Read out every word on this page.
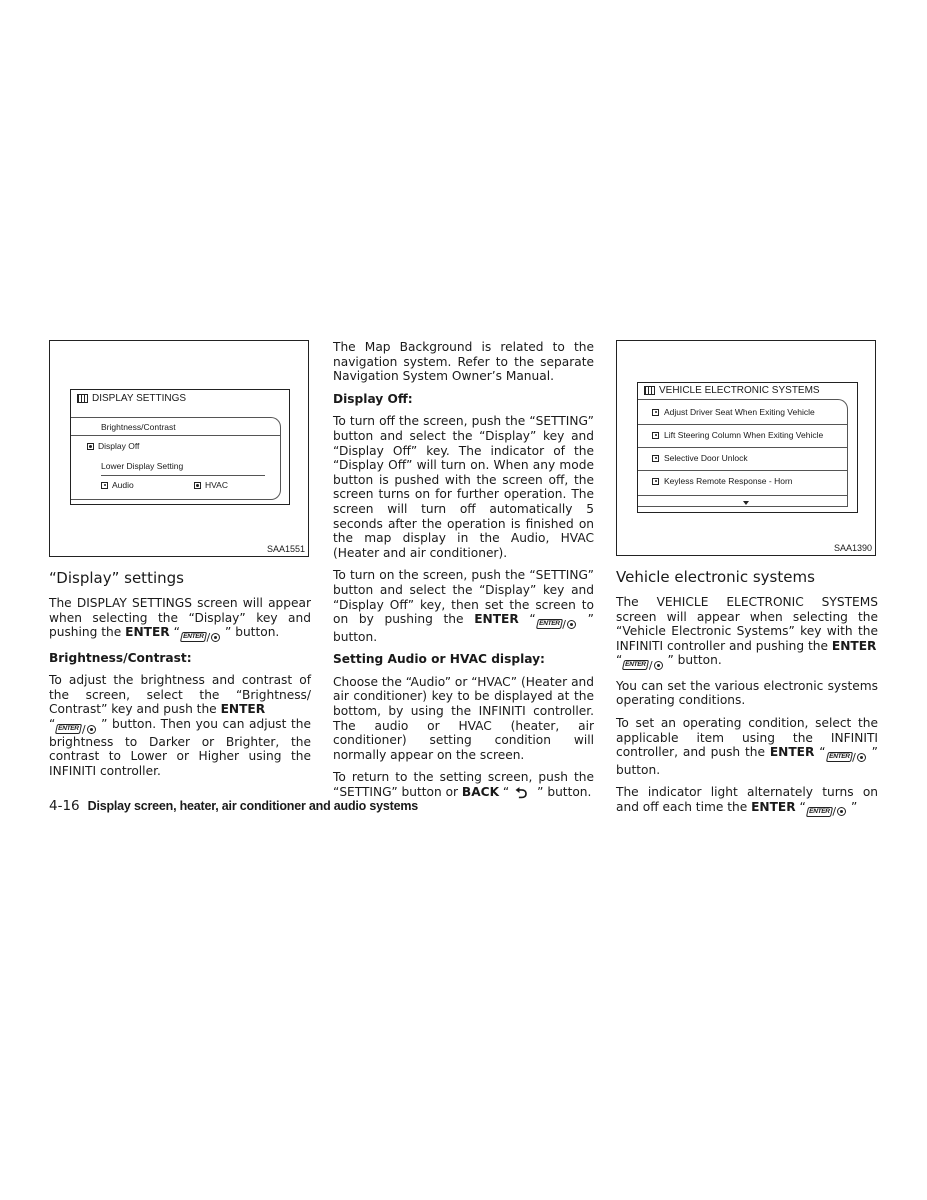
DISPLAY SETTINGS
Brightness/Contrast
Display Off
Lower Display Setting
Audio	HVAC
SAA1551
“Display” settings

The DISPLAY SETTINGS screen will appear when selecting the “Display” key and pushing the ENTER “ ENTER / ” button.

Brightness/Contrast:

To adjust the brightness and contrast of the screen, select the “Brightness/ Contrast” key and push the ENTER
“ ENTER / ” button. Then you can adjust the brightness to Darker or Brighter, the contrast to Lower or Higher using the INFINITI controller.

The Map Background is related to the navigation system. Refer to the separate Navigation System Owner’s Manual.

Display Off:

To turn off the screen, push the “SETTING” button and select the “Display” key and “Display Off” key. The indicator of the “Display Off” will turn on. When any mode button is pushed with the screen off, the screen turns on for further operation. The screen will turn off automatically 5 seconds after the operation is finished on the map display in the Audio, HVAC (Heater and air conditioner).

To turn on the screen, push the “SETTING” button and select the “Display” key and “Display Off” key, then set the screen to on by pushing the ENTER “ ENTER / ” button.

Setting Audio or HVAC display:

Choose the “Audio” or “HVAC” (Heater and air conditioner) key to be displayed at the bottom, by using the INFINITI controller. The audio or HVAC (heater, air conditioner) setting condition will normally appear on the screen.

To return to the setting screen, push the “SETTING” button or BACK “ ⮌ ” button.

VEHICLE ELECTRONIC SYSTEMS
Adjust Driver Seat When Exiting Vehicle
Lift Steering Column When Exiting Vehicle
Selective Door Unlock
Keyless Remote Response - Horn
SAA1390
Vehicle electronic systems

The VEHICLE ELECTRONIC SYSTEMS screen will appear when selecting the “Vehicle Electronic Systems” key with the INFINITI controller and pushing the ENTER
“ ENTER / ” button.

You can set the various electronic systems operating conditions.

To set an operating condition, select the applicable item using the INFINITI controller, and push the ENTER “ ENTER / ” button.

The indicator light alternately turns on and off each time the ENTER “ ENTER / ”

4-16 Display screen, heater, air conditioner and audio systems
